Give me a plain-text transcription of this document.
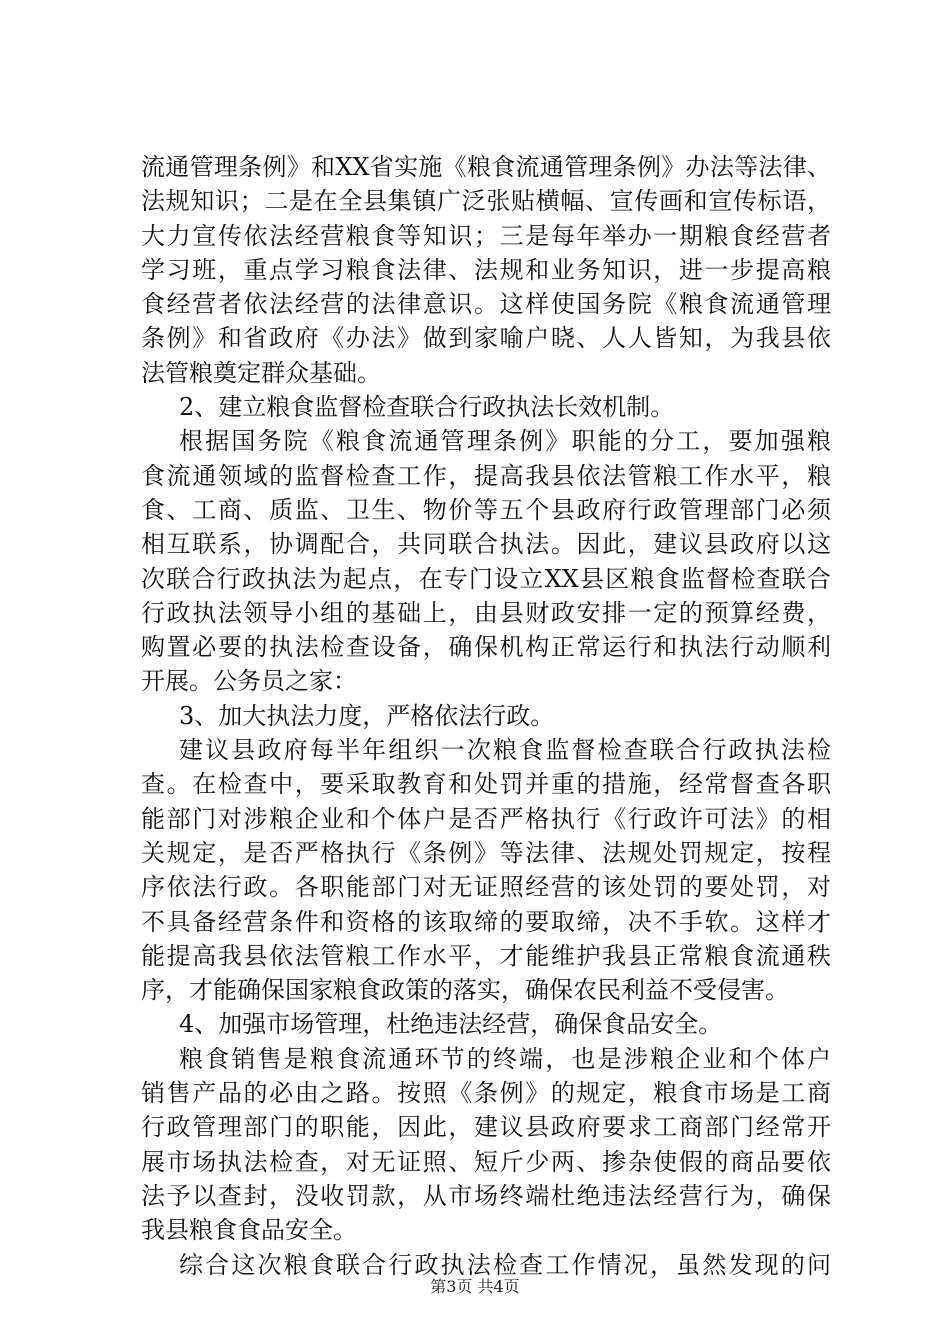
流通管理条例》和XX省实施《粮食流通管理条例》办法等法律、
法规知识；二是在全县集镇广泛张贴横幅、宣传画和宣传标语，
大力宣传依法经营粮食等知识；三是每年举办一期粮食经营者
学习班，重点学习粮食法律、法规和业务知识，进一步提高粮
食经营者依法经营的法律意识。这样使国务院《粮食流通管理
条例》和省政府《办法》做到家喻户晓、人人皆知，为我县依
法管粮奠定群众基础。
2、建立粮食监督检查联合行政执法长效机制。
根据国务院《粮食流通管理条例》职能的分工，要加强粮
食流通领域的监督检查工作，提高我县依法管粮工作水平，粮
食、工商、质监、卫生、物价等五个县政府行政管理部门必须
相互联系，协调配合，共同联合执法。因此，建议县政府以这
次联合行政执法为起点，在专门设立XX县区粮食监督检查联合
行政执法领导小组的基础上，由县财政安排一定的预算经费，
购置必要的执法检查设备，确保机构正常运行和执法行动顺利
开展。公务员之家：
3、加大执法力度，严格依法行政。
建议县政府每半年组织一次粮食监督检查联合行政执法检
查。在检查中，要采取教育和处罚并重的措施，经常督查各职
能部门对涉粮企业和个体户是否严格执行《行政许可法》的相
关规定，是否严格执行《条例》等法律、法规处罚规定，按程
序依法行政。各职能部门对无证照经营的该处罚的要处罚，对
不具备经营条件和资格的该取缔的要取缔，决不手软。这样才
能提高我县依法管粮工作水平，才能维护我县正常粮食流通秩
序，才能确保国家粮食政策的落实，确保农民利益不受侵害。
4、加强市场管理，杜绝违法经营，确保食品安全。
粮食销售是粮食流通环节的终端，也是涉粮企业和个体户
销售产品的必由之路。按照《条例》的规定，粮食市场是工商
行政管理部门的职能，因此，建议县政府要求工商部门经常开
展市场执法检查，对无证照、短斤少两、掺杂使假的商品要依
法予以查封，没收罚款，从市场终端杜绝违法经营行为，确保
我县粮食食品安全。
综合这次粮食联合行政执法检查工作情况，虽然发现的问
第3页 共4页
